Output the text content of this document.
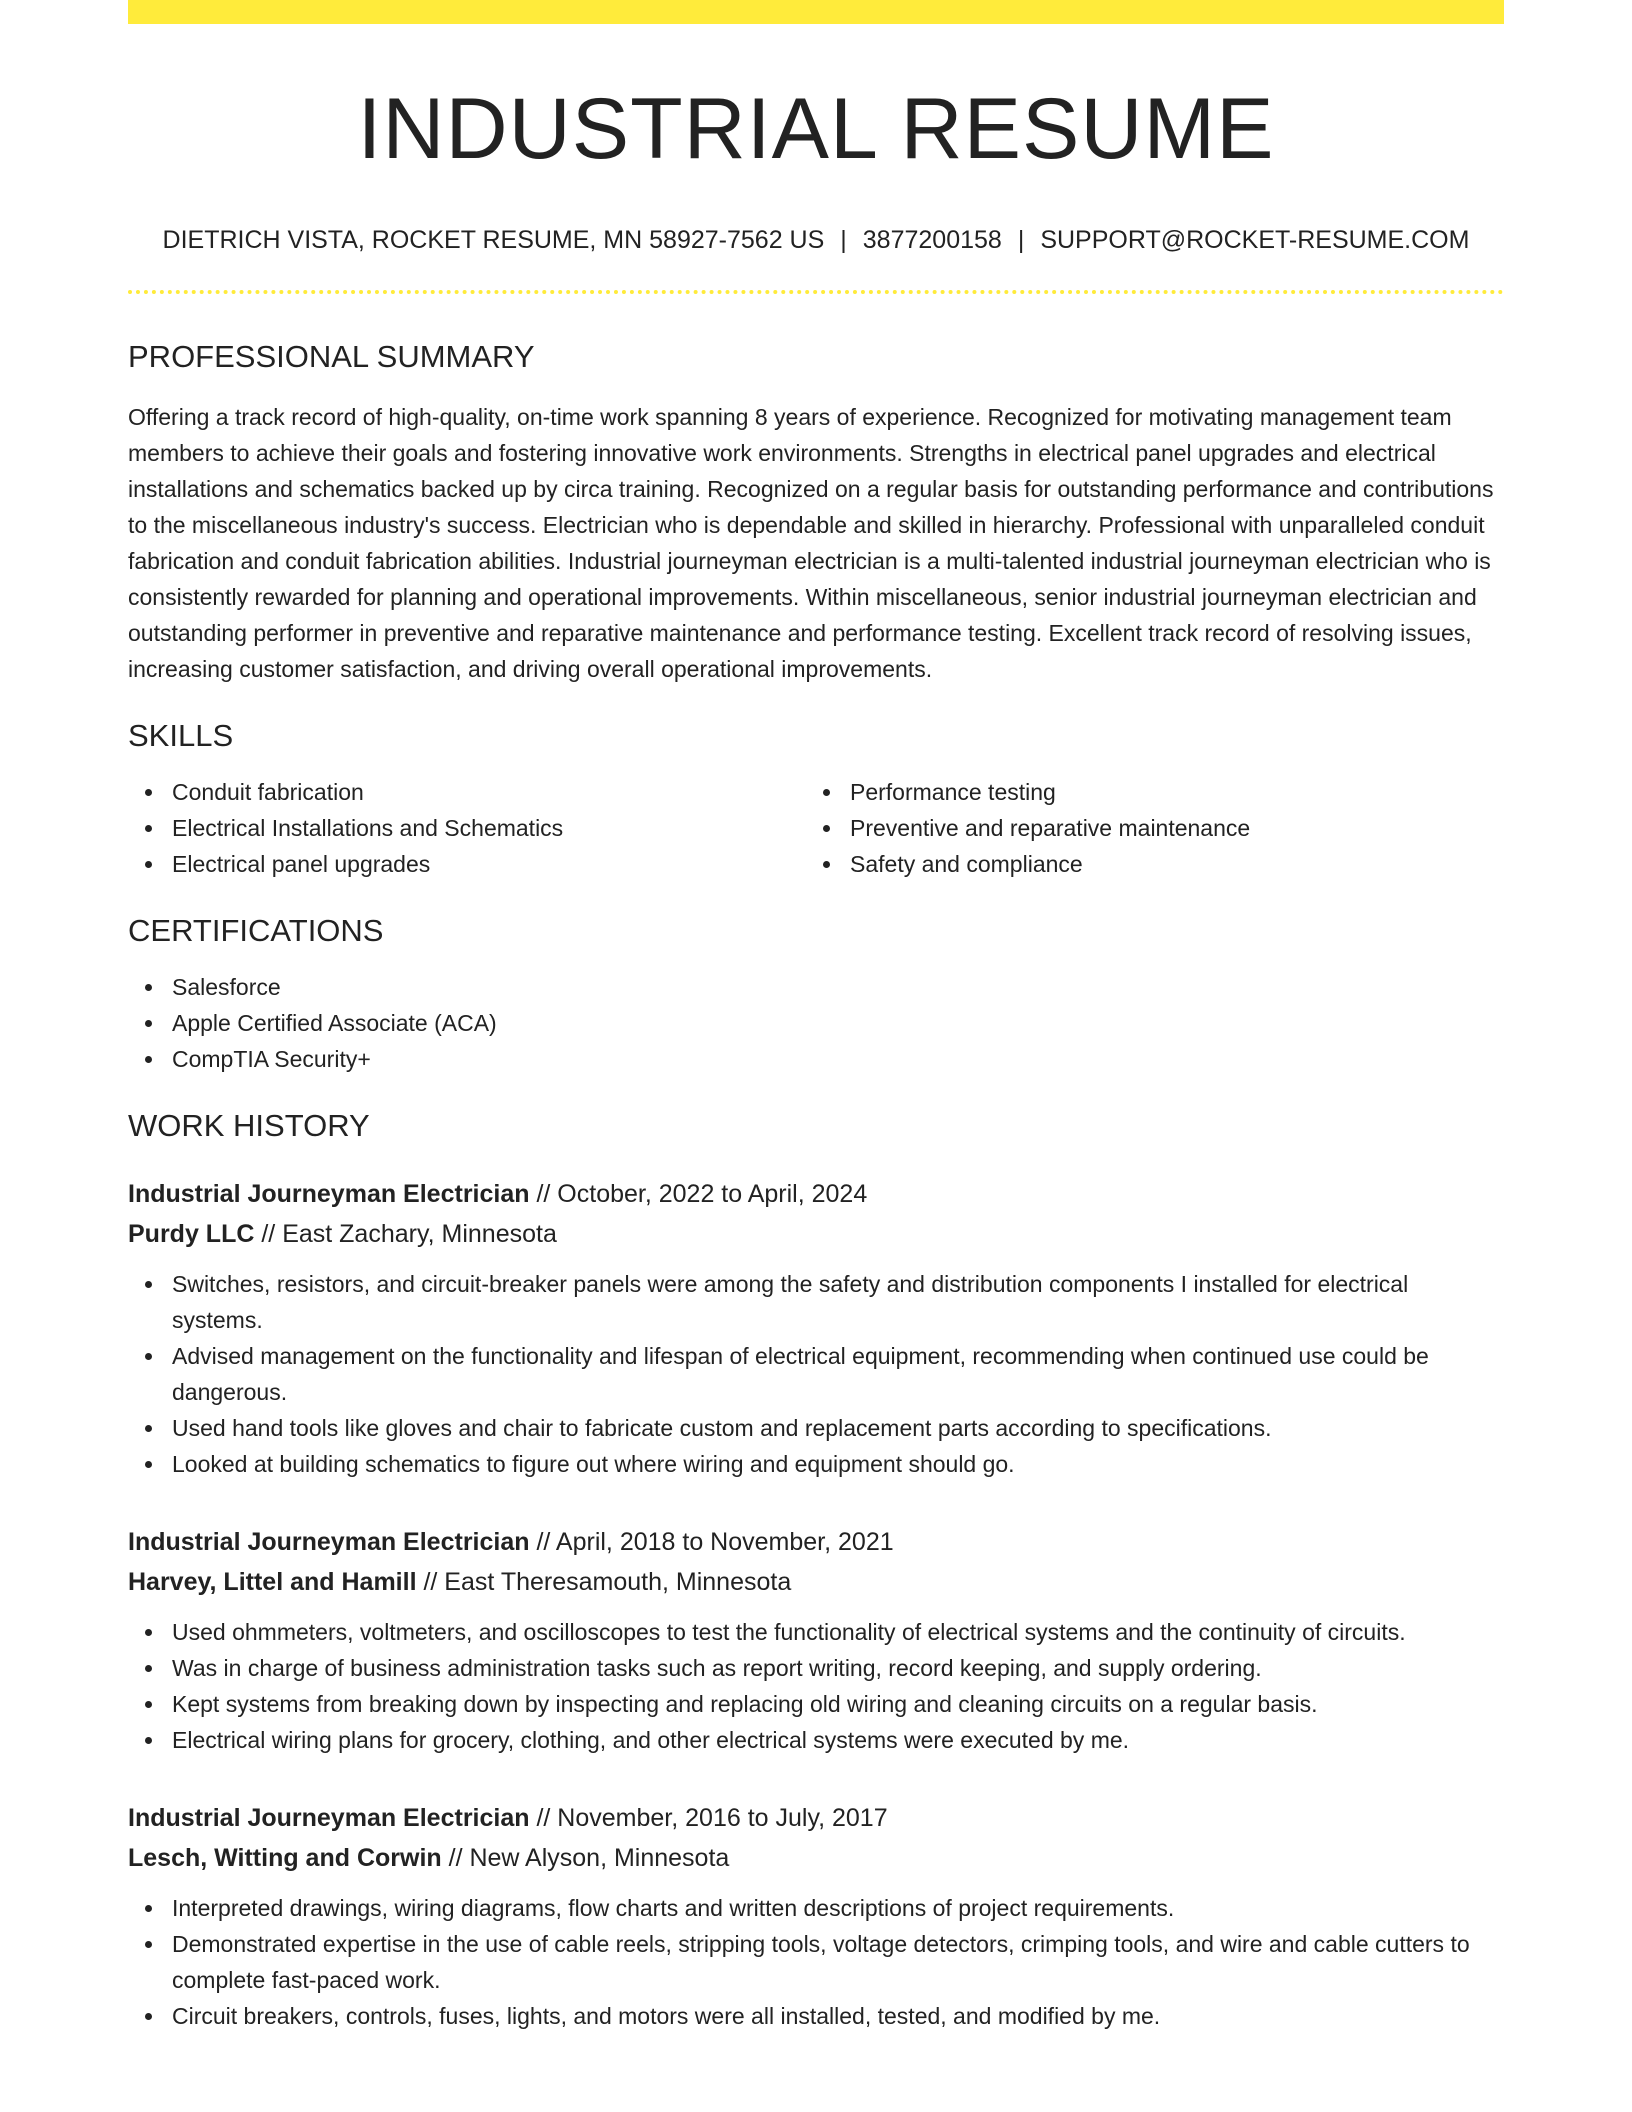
INDUSTRIAL RESUME
DIETRICH VISTA, ROCKET RESUME, MN 58927-7562 US | 3877200158 | SUPPORT@ROCKET-RESUME.COM
PROFESSIONAL SUMMARY
Offering a track record of high-quality, on-time work spanning 8 years of experience. Recognized for motivating management team members to achieve their goals and fostering innovative work environments. Strengths in electrical panel upgrades and electrical installations and schematics backed up by circa training. Recognized on a regular basis for outstanding performance and contributions to the miscellaneous industry's success. Electrician who is dependable and skilled in hierarchy. Professional with unparalleled conduit fabrication and conduit fabrication abilities. Industrial journeyman electrician is a multi-talented industrial journeyman electrician who is consistently rewarded for planning and operational improvements. Within miscellaneous, senior industrial journeyman electrician and outstanding performer in preventive and reparative maintenance and performance testing. Excellent track record of resolving issues, increasing customer satisfaction, and driving overall operational improvements.
SKILLS
Conduit fabrication
Electrical Installations and Schematics
Electrical panel upgrades
Performance testing
Preventive and reparative maintenance
Safety and compliance
CERTIFICATIONS
Salesforce
Apple Certified Associate (ACA)
CompTIA Security+
WORK HISTORY
Industrial Journeyman Electrician // October, 2022 to April, 2024
Purdy LLC // East Zachary, Minnesota
Switches, resistors, and circuit-breaker panels were among the safety and distribution components I installed for electrical systems.
Advised management on the functionality and lifespan of electrical equipment, recommending when continued use could be dangerous.
Used hand tools like gloves and chair to fabricate custom and replacement parts according to specifications.
Looked at building schematics to figure out where wiring and equipment should go.
Industrial Journeyman Electrician // April, 2018 to November, 2021
Harvey, Littel and Hamill // East Theresamouth, Minnesota
Used ohmmeters, voltmeters, and oscilloscopes to test the functionality of electrical systems and the continuity of circuits.
Was in charge of business administration tasks such as report writing, record keeping, and supply ordering.
Kept systems from breaking down by inspecting and replacing old wiring and cleaning circuits on a regular basis.
Electrical wiring plans for grocery, clothing, and other electrical systems were executed by me.
Industrial Journeyman Electrician // November, 2016 to July, 2017
Lesch, Witting and Corwin // New Alyson, Minnesota
Interpreted drawings, wiring diagrams, flow charts and written descriptions of project requirements.
Demonstrated expertise in the use of cable reels, stripping tools, voltage detectors, crimping tools, and wire and cable cutters to complete fast-paced work.
Circuit breakers, controls, fuses, lights, and motors were all installed, tested, and modified by me.
